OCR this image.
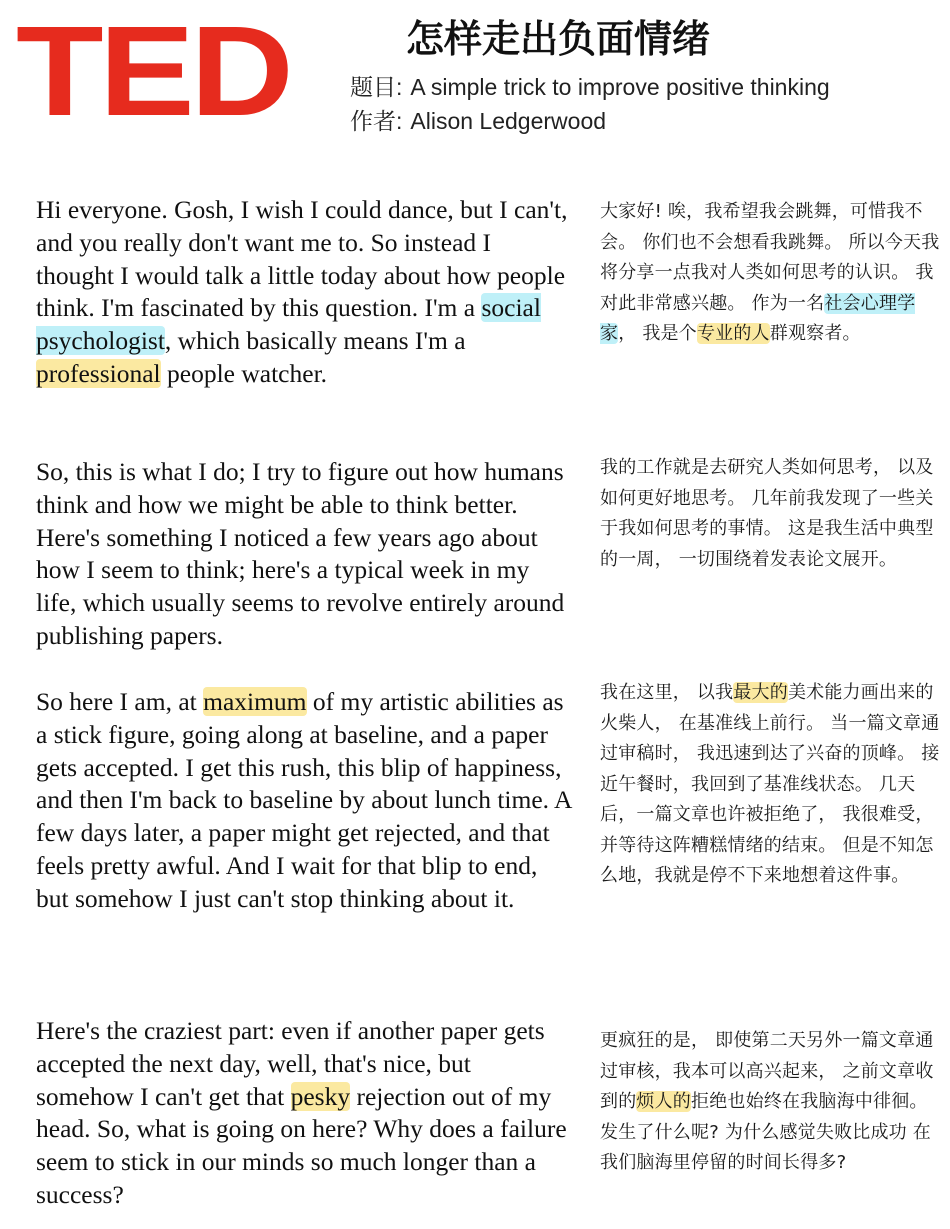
TED	怎样走出负面情绪
题目: A simple trick to improve positive thinking
作者: Alison Ledgerwood

Hi everyone. Gosh, I wish I could dance, but I can't, and you really don't want me to. So instead I thought I would talk a little today about how people think. I'm fascinated by this question. I'm a social psychologist, which basically means I'm a professional people watcher.

大家好! 唉，我希望我会跳舞，可惜我不会。 你们也不会想看我跳舞。 所以今天我将分享一点我对人类如何思考的认识。 我对此非常感兴趣。 作为一名社会心理学家， 我是个专业的人群观察者。

So, this is what I do; I try to figure out how humans think and how we might be able to think better. Here's something I noticed a few years ago about how I seem to think; here's a typical week in my life, which usually seems to revolve entirely around publishing papers.

我的工作就是去研究人类如何思考， 以及如何更好地思考。 几年前我发现了一些关于我如何思考的事情。 这是我生活中典型的一周， 一切围绕着发表论文展开。

So here I am, at maximum of my artistic abilities as a stick figure, going along at baseline, and a paper gets accepted. I get this rush, this blip of happiness, and then I'm back to baseline by about lunch time. A few days later, a paper might get rejected, and that feels pretty awful. And I wait for that blip to end, but somehow I just can't stop thinking about it.

我在这里， 以我最大的美术能力画出来的火柴人， 在基准线上前行。 当一篇文章通过审稿时， 我迅速到达了兴奋的顶峰。 接近午餐时，我回到了基准线状态。 几天后，一篇文章也许被拒绝了， 我很难受， 并等待这阵糟糕情绪的结束。 但是不知怎么地，我就是停不下来地想着这件事。

Here's the craziest part: even if another paper gets accepted the next day, well, that's nice, but somehow I can't get that pesky rejection out of my head. So, what is going on here? Why does a failure seem to stick in our minds so much longer than a success?

更疯狂的是， 即使第二天另外一篇文章通过审核，我本可以高兴起来， 之前文章收到的烦人的拒绝也始终在我脑海中徘徊。 发生了什么呢? 为什么感觉失败比成功 在我们脑海里停留的时间长得多?
